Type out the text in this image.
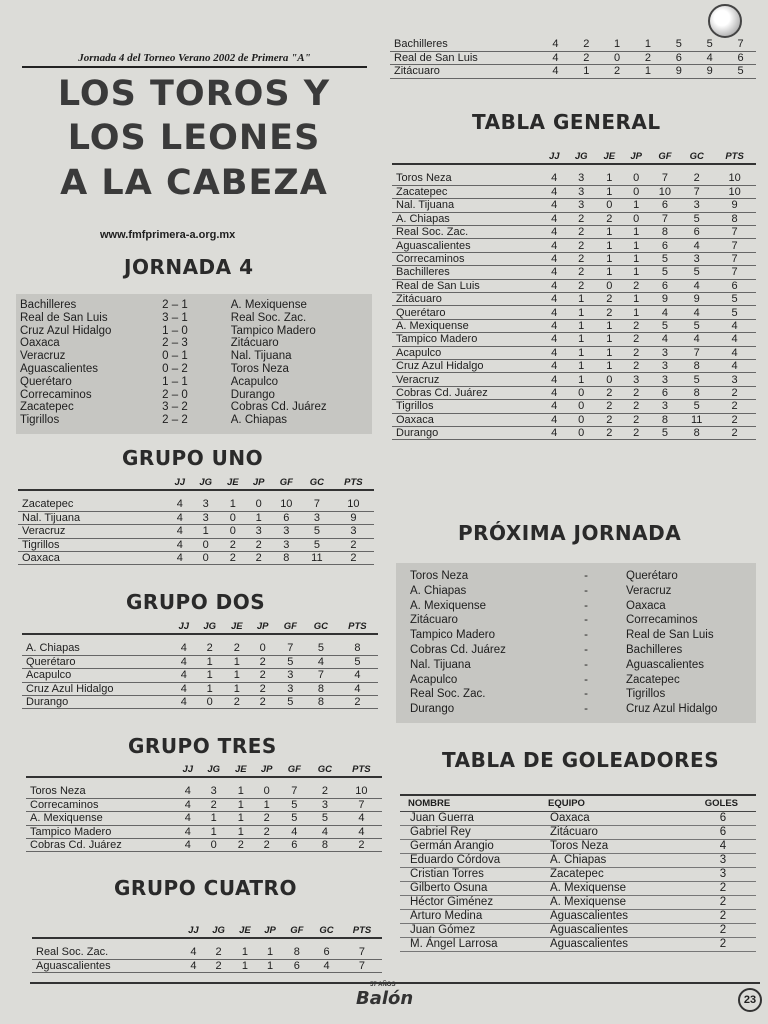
Jornada 4 del Torneo Verano 2002 de Primera "A"
LOS TOROS Y
LOS LEONES
A LA CABEZA
www.fmfprimera-a.org.mx
JORNADA 4
Bachilleres	2 – 1	A. Mexiquense
Real de San Luis	3 – 1	Real Soc. Zac.
Cruz Azul Hidalgo	1 – 0	Tampico Madero
Oaxaca	2 – 3	Zitácuaro
Veracruz	0 – 1	Nal. Tijuana
Aguascalientes	0 – 2	Toros Neza
Querétaro	1 – 1	Acapulco
Correcaminos	2 – 0	Durango
Zacatepec	3 – 2	Cobras Cd. Juárez
Tigrillos	2 – 2	A. Chiapas
GRUPO UNO
	JJ	JG	JE	JP	GF	GC	PTS

Zacatepec	4	3	1	0	10	7	10
Nal. Tijuana	4	3	0	1	6	3	9
Veracruz	4	1	0	3	3	5	3
Tigrillos	4	0	2	2	3	5	2
Oaxaca	4	0	2	2	8	11	2
GRUPO DOS
	JJ	JG	JE	JP	GF	GC	PTS

A. Chiapas	4	2	2	0	7	5	8
Querétaro	4	1	1	2	5	4	5
Acapulco	4	1	1	2	3	7	4
Cruz Azul Hidalgo	4	1	1	2	3	8	4
Durango	4	0	2	2	5	8	2
GRUPO TRES
	JJ	JG	JE	JP	GF	GC	PTS

Toros Neza	4	3	1	0	7	2	10
Correcaminos	4	2	1	1	5	3	7
A. Mexiquense	4	1	1	2	5	5	4
Tampico Madero	4	1	1	2	4	4	4
Cobras Cd. Juárez	4	0	2	2	6	8	2
GRUPO CUATRO
	JJ	JG	JE	JP	GF	GC	PTS

Real Soc. Zac.	4	2	1	1	8	6	7
Aguascalientes	4	2	1	1	6	4	7
Bachilleres	4	2	1	1	5	5	7
Real de San Luis	4	2	0	2	6	4	6
Zitácuaro	4	1	2	1	9	9	5
TABLA GENERAL
	JJ	JG	JE	JP	GF	GC	PTS

Toros Neza	4	3	1	0	7	2	10
Zacatepec	4	3	1	0	10	7	10
Nal. Tijuana	4	3	0	1	6	3	9
A. Chiapas	4	2	2	0	7	5	8
Real Soc. Zac.	4	2	1	1	8	6	7
Aguascalientes	4	2	1	1	6	4	7
Correcaminos	4	2	1	1	5	3	7
Bachilleres	4	2	1	1	5	5	7
Real de San Luis	4	2	0	2	6	4	6
Zitácuaro	4	1	2	1	9	9	5
Querétaro	4	1	2	1	4	4	5
A. Mexiquense	4	1	1	2	5	5	4
Tampico Madero	4	1	1	2	4	4	4
Acapulco	4	1	1	2	3	7	4
Cruz Azul Hidalgo	4	1	1	2	3	8	4
Veracruz	4	1	0	3	3	5	3
Cobras Cd. Juárez	4	0	2	2	6	8	2
Tigrillos	4	0	2	2	3	5	2
Oaxaca	4	0	2	2	8	11	2
Durango	4	0	2	2	5	8	2
PRÓXIMA JORNADA
Toros Neza	-	Querétaro
A. Chiapas	-	Veracruz
A. Mexiquense	-	Oaxaca
Zitácuaro	-	Correcaminos
Tampico Madero	-	Real de San Luis
Cobras Cd. Juárez	-	Bachilleres
Nal. Tijuana	-	Aguascalientes
Acapulco	-	Zacatepec
Real Soc. Zac.	-	Tigrillos
Durango	-	Cruz Azul Hidalgo
TABLA DE GOLEADORES
NOMBRE	EQUIPO	GOLES
Juan Guerra	Oaxaca	6
Gabriel Rey	Zitácuaro	6
Germán Arangio	Toros Neza	4
Eduardo Córdova	A. Chiapas	3
Cristian Torres	Zacatepec	3
Gilberto Osuna	A. Mexiquense	2
Héctor Giménez	A. Mexiquense	2
Arturo Medina	Aguascalientes	2
Juan Gómez	Aguascalientes	2
M. Ángel Larrosa	Aguascalientes	2
57 AÑOS
Balón	23
